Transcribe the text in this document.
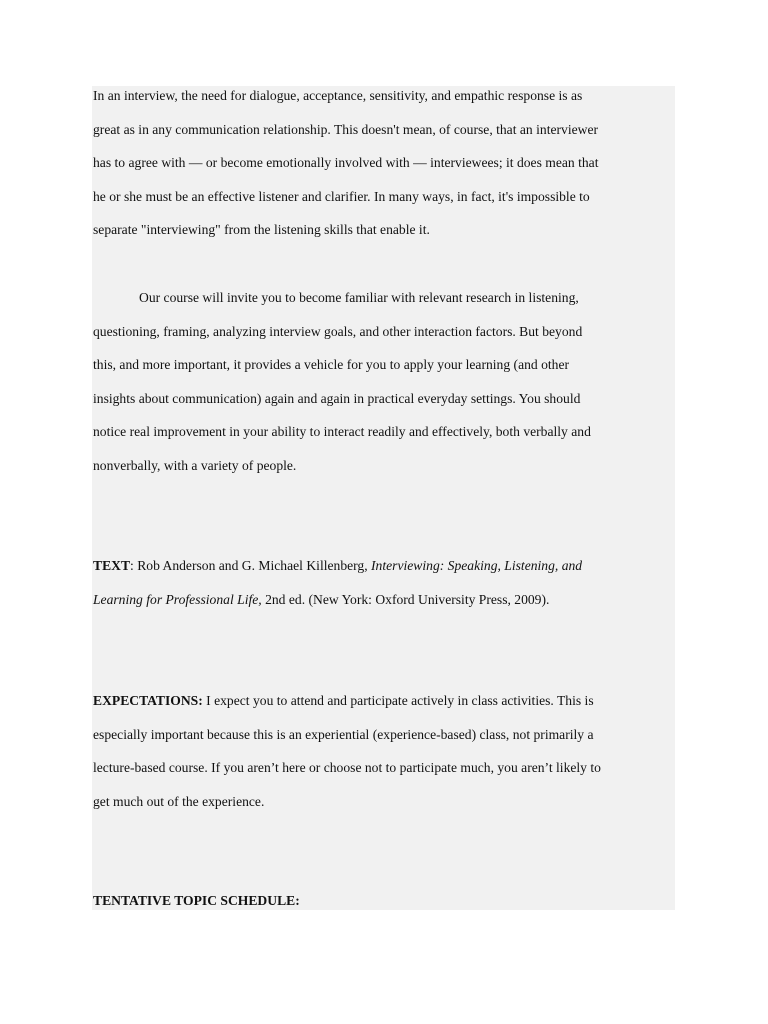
In an interview, the need for dialogue, acceptance, sensitivity, and empathic response is as
great as in any communication relationship. This doesn't mean, of course, that an interviewer
has to agree with — or become emotionally involved with — interviewees; it does mean that
he or she must be an effective listener and clarifier. In many ways, in fact, it's impossible to
separate "interviewing" from the listening skills that enable it.
Our course will invite you to become familiar with relevant research in listening,
questioning, framing, analyzing interview goals, and other interaction factors. But beyond
this, and more important, it provides a vehicle for you to apply your learning (and other
insights about communication) again and again in practical everyday settings. You should
notice real improvement in your ability to interact readily and effectively, both verbally and
nonverbally, with a variety of people.
TEXT: Rob Anderson and G. Michael Killenberg, Interviewing: Speaking, Listening, and
Learning for Professional Life, 2nd ed. (New York: Oxford University Press, 2009).
EXPECTATIONS: I expect you to attend and participate actively in class activities. This is
especially important because this is an experiential (experience-based) class, not primarily a
lecture-based course. If you aren’t here or choose not to participate much, you aren’t likely to
get much out of the experience.
TENTATIVE TOPIC SCHEDULE:
